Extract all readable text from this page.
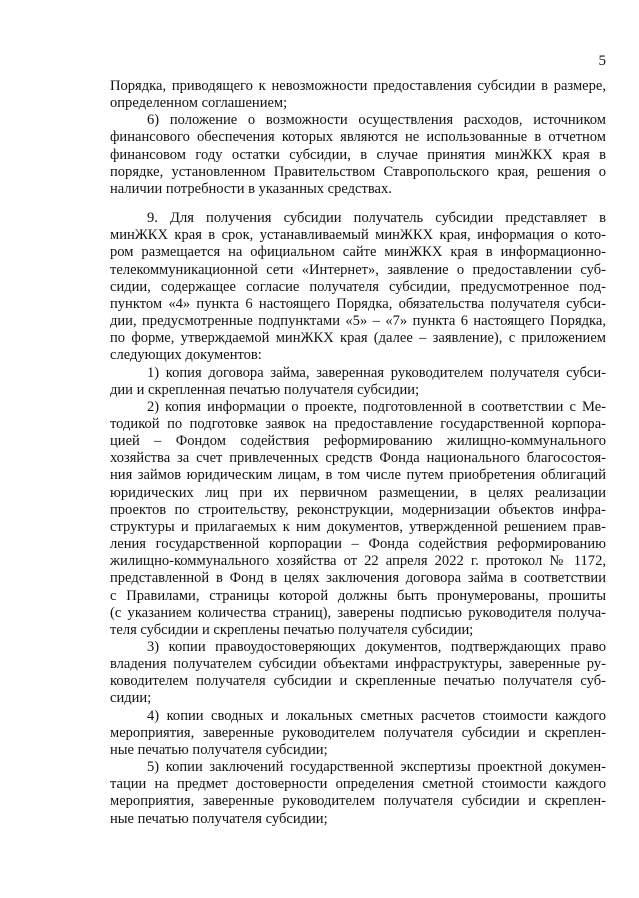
5

Порядка, приводящего к невозможности предоставления субсидии в размере,
определенном соглашением;

6) положение о возможности осуществления расходов, источником
финансового обеспечения которых являются не использованные в отчетном
финансовом году остатки субсидии, в случае принятия минЖКХ края в
порядке, установленном Правительством Ставропольского края, решения о
наличии потребности в указанных средствах.

9. Для получения субсидии получатель субсидии представляет в
минЖКХ края в срок, устанавливаемый минЖКХ края, информация о кото-
ром размещается на официальном сайте минЖКХ края в информационно-
телекоммуникационной сети «Интернет», заявление о предоставлении суб-
сидии, содержащее согласие получателя субсидии, предусмотренное под-
пунктом «4» пункта 6 настоящего Порядка, обязательства получателя субси-
дии, предусмотренные подпунктами «5» – «7» пункта 6 настоящего Порядка,
по форме, утверждаемой минЖКХ края (далее – заявление), с приложением
следующих документов:

1) копия договора займа, заверенная руководителем получателя субси-
дии и скрепленная печатью получателя субсидии;

2) копия информации о проекте, подготовленной в соответствии с Ме-
тодикой по подготовке заявок на предоставление государственной корпора-
цией – Фондом содействия реформированию жилищно-коммунального
хозяйства за счет привлеченных средств Фонда национального благосостоя-
ния займов юридическим лицам, в том числе путем приобретения облигаций
юридических лиц при их первичном размещении, в целях реализации
проектов по строительству, реконструкции, модернизации объектов инфра-
структуры и прилагаемых к ним документов, утвержденной решением прав-
ления государственной корпорации – Фонда содействия реформированию
жилищно-коммунального хозяйства от 22 апреля 2022 г. протокол № 1172,
представленной в Фонд в целях заключения договора займа в соответствии
с Правилами, страницы которой должны быть пронумерованы, прошиты
(с указанием количества страниц), заверены подписью руководителя получа-
теля субсидии и скреплены печатью получателя субсидии;

3) копии правоудостоверяющих документов, подтверждающих право
владения получателем субсидии объектами инфраструктуры, заверенные ру-
ководителем получателя субсидии и скрепленные печатью получателя суб-
сидии;

4) копии сводных и локальных сметных расчетов стоимости каждого
мероприятия, заверенные руководителем получателя субсидии и скреплен-
ные печатью получателя субсидии;

5) копии заключений государственной экспертизы проектной докумен-
тации на предмет достоверности определения сметной стоимости каждого
мероприятия, заверенные руководителем получателя субсидии и скреплен-
ные печатью получателя субсидии;
